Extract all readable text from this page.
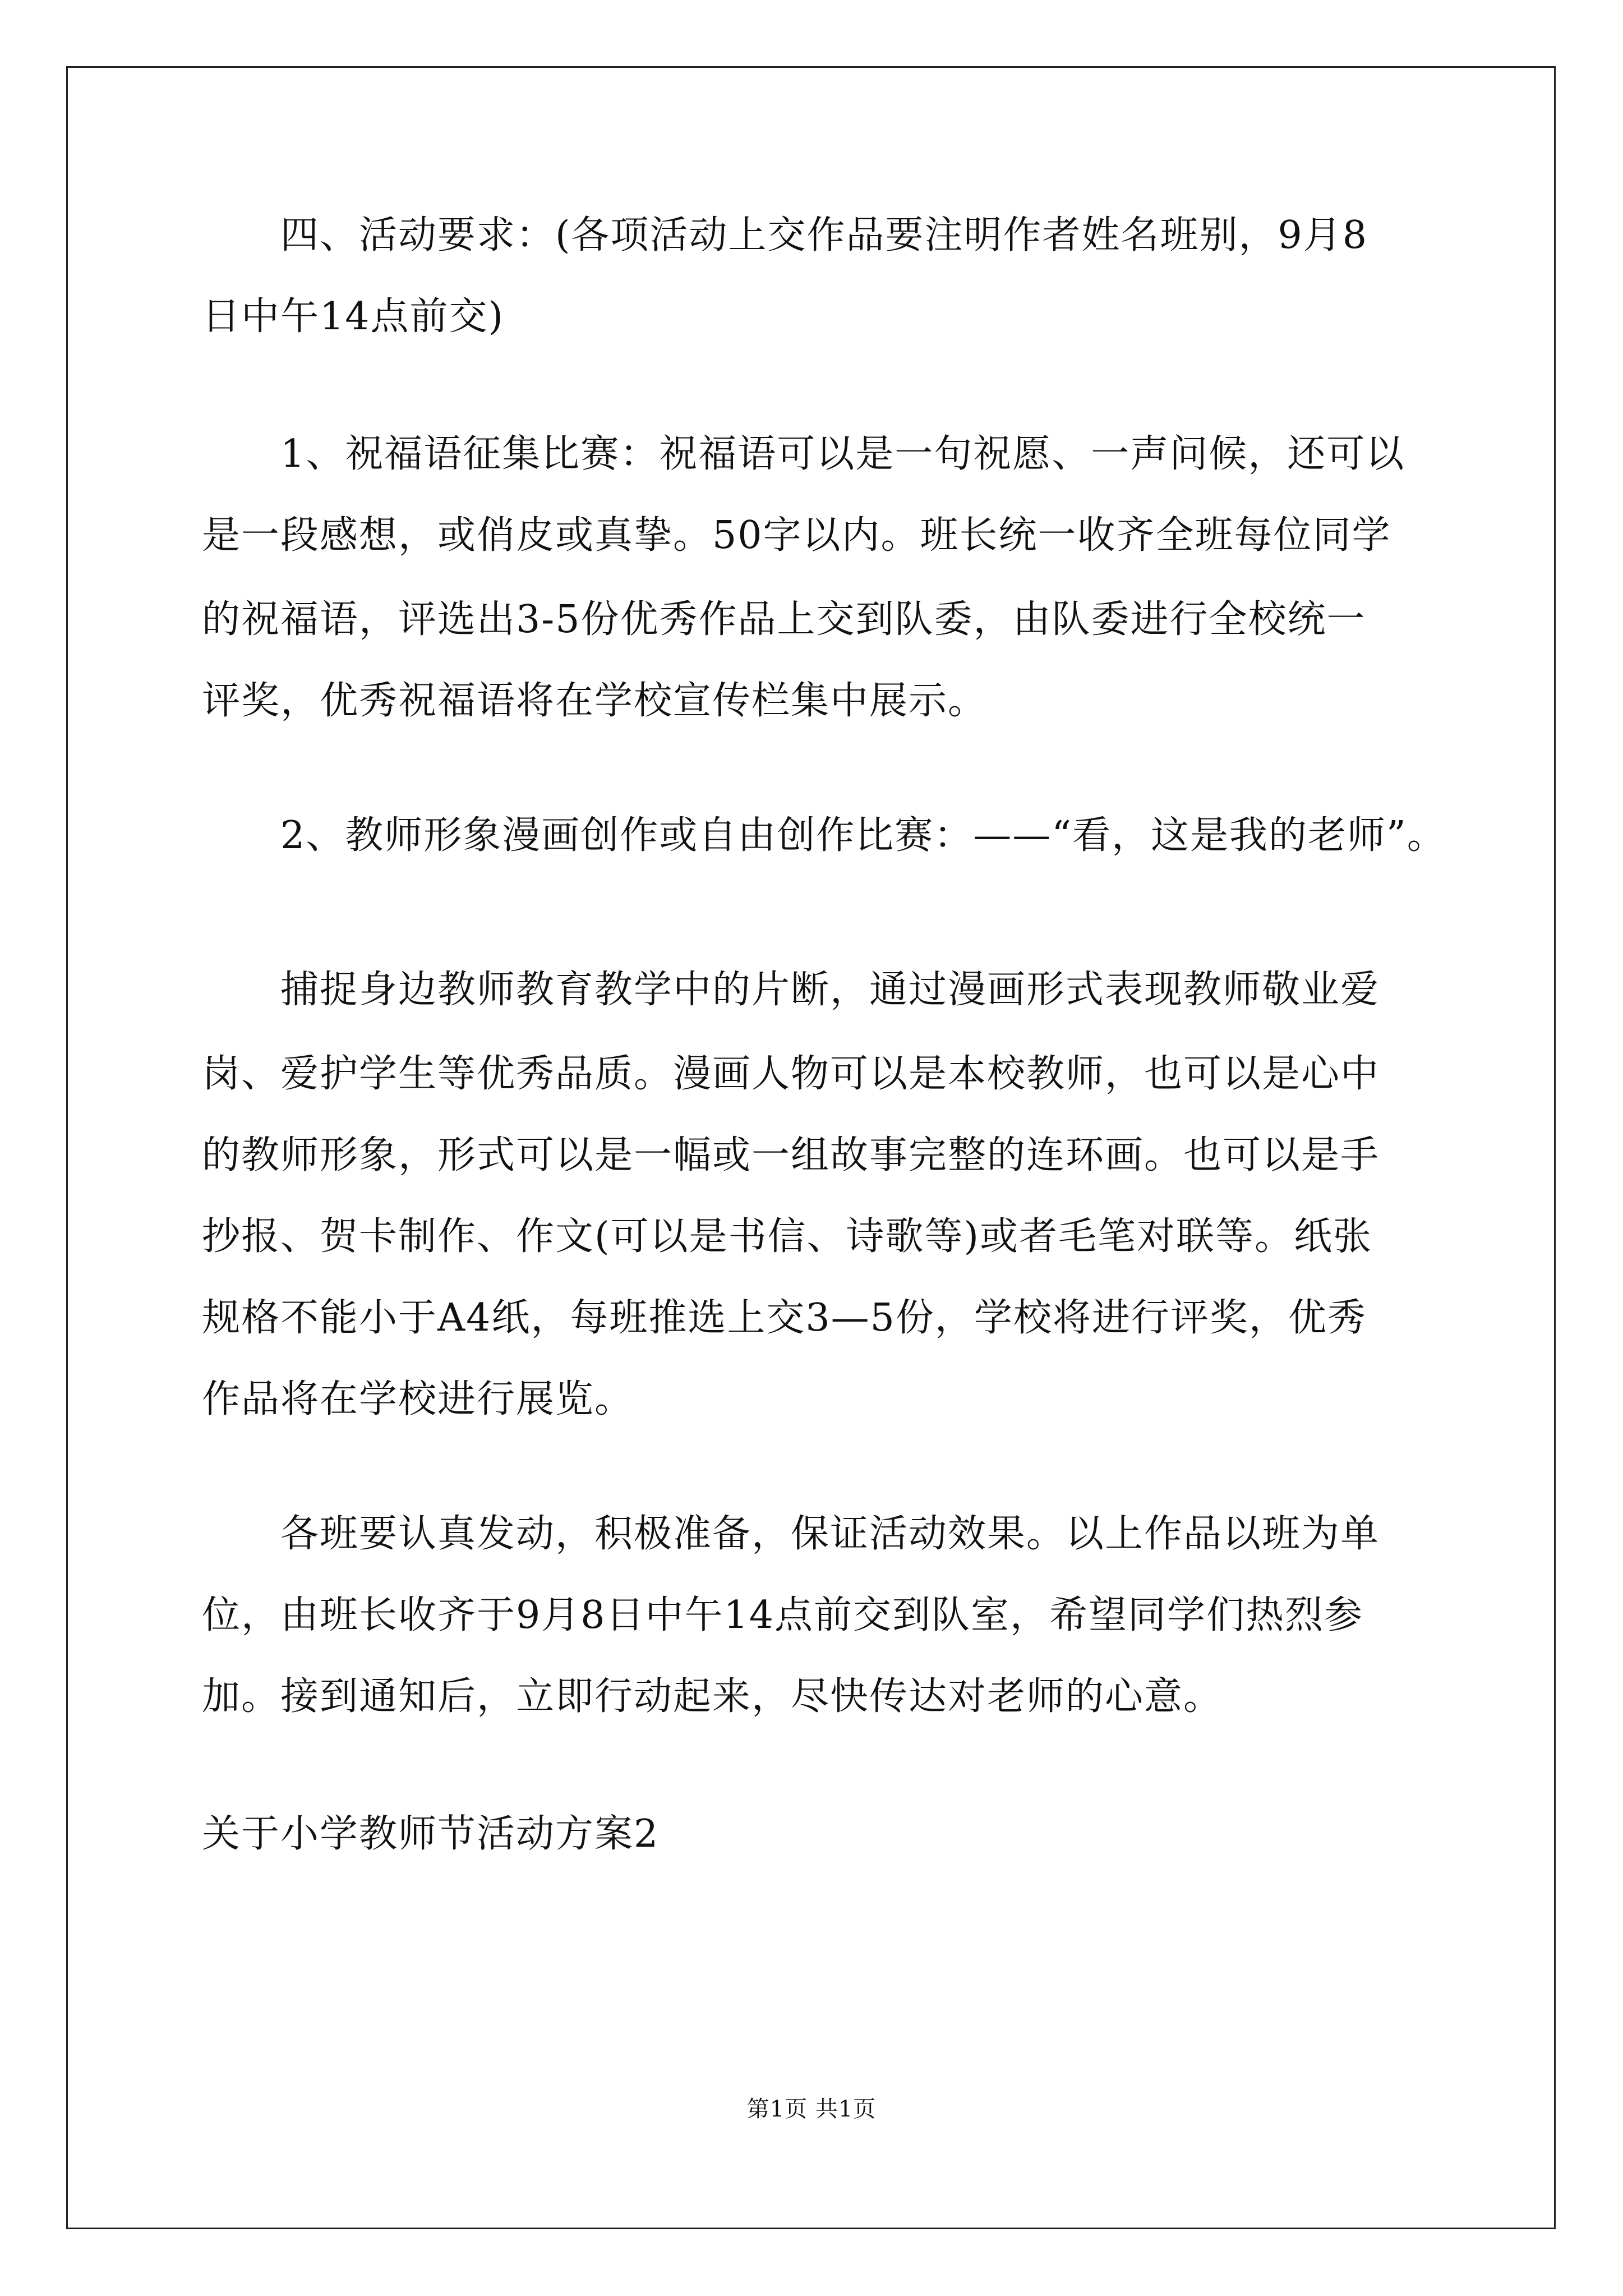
四、活动要求：(各项活动上交作品要注明作者姓名班别，9月8
日中午14点前交)
1、祝福语征集比赛：祝福语可以是一句祝愿、一声问候，还可以
是一段感想，或俏皮或真挚。50字以内。班长统一收齐全班每位同学
的祝福语，评选出3-5份优秀作品上交到队委，由队委进行全校统一
评奖，优秀祝福语将在学校宣传栏集中展示。
2、教师形象漫画创作或自由创作比赛：——“看，这是我的老师”。
捕捉身边教师教育教学中的片断，通过漫画形式表现教师敬业爱
岗、爱护学生等优秀品质。漫画人物可以是本校教师，也可以是心中
的教师形象，形式可以是一幅或一组故事完整的连环画。也可以是手
抄报、贺卡制作、作文(可以是书信、诗歌等)或者毛笔对联等。纸张
规格不能小于A4纸，每班推选上交3—5份，学校将进行评奖，优秀
作品将在学校进行展览。
各班要认真发动，积极准备，保证活动效果。以上作品以班为单
位，由班长收齐于9月8日中午14点前交到队室，希望同学们热烈参
加。接到通知后，立即行动起来，尽快传达对老师的心意。
关于小学教师节活动方案2
第1页 共1页
